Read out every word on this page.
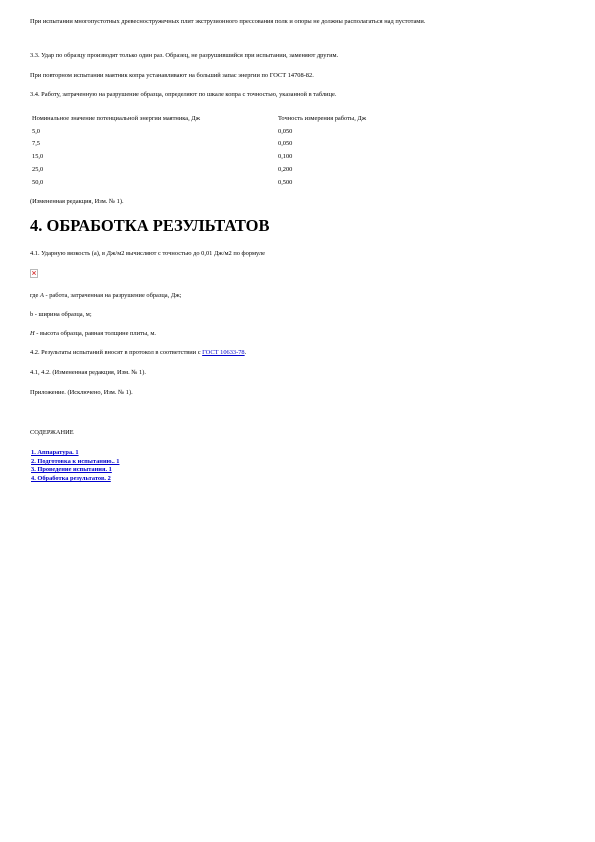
При испытании многопустотных древесностружечных плит экструзионного прессования полк и опоры не должны располагаться над пустотами.
3.3. Удар по образцу производят только один раз. Образец, не разрушившийся при испытании, заменяют другим.
При повторном испытании маятник копра устанавливают на больший запас энергии по ГОСТ 14708-82.
3.4. Работу, затраченную на разрушение образца, определяют по шкале копра с точностью, указанной в таблице.
Номинальное значение потенциальной энергии маятника, Дж	Точность измерения работы, Дж
5,0	0,050
7,5	0,050
15,0	0,100
25,0	0,200
50,0	0,500
(Измененная редакция, Изм. № 1).
4. ОБРАБОТКА РЕЗУЛЬТАТОВ
4.1. Ударную вязкость (а), в Дж/м2 вычисляют с точностью до 0,01 Дж/м2 по формуле
где А - работа, затраченная на разрушение образца, Дж;
b - ширина образца, м;
Н - высота образца, равная толщине плиты, м.
4.2. Результаты испытаний вносят в протокол в соответствии с ГОСТ 10633-78.
4.1, 4.2. (Измененная редакция, Изм. № 1).
Приложение. (Исключено, Изм. № 1).
СОДЕРЖАНИЕ
1. Аппаратура. 1
2. Подготовка к испытанию.. 1
3. Проведение испытания. 1
4. Обработка результатов. 2
